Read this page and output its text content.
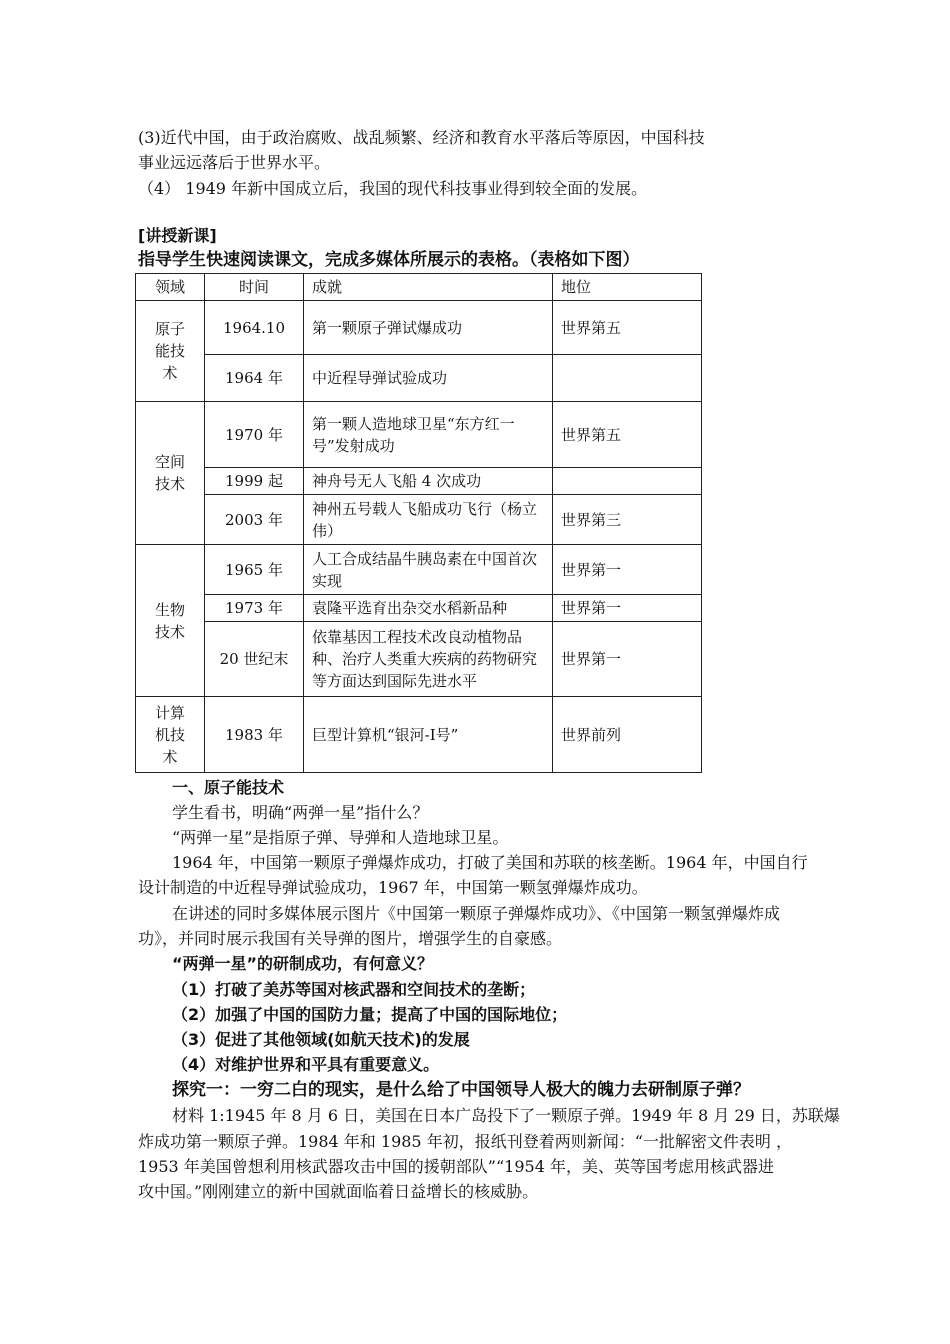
(3)近代中国，由于政治腐败、战乱频繁、经济和教育水平落后等原因，中国科技
事业远远落后于世界水平。
（4） 1949 年新中国成立后，我国的现代科技事业得到较全面的发展。
[讲授新课]
指导学生快速阅读课文，完成多媒体所展示的表格。（表格如下图）
领域	时间	成就	地位
原子
能技
术	1964.10	第一颗原子弹试爆成功	世界第五
	1964 年	中近程导弹试验成功	
空间
技术	1970 年	第一颗人造地球卫星“东方红一号”发射成功	世界第五
	1999 起	神舟号无人飞船 4 次成功	
	2003 年	神州五号载人飞船成功飞行（杨立伟）	世界第三
生物
技术	1965 年	人工合成结晶牛胰岛素在中国首次实现	世界第一
	1973 年	袁隆平选育出杂交水稻新品种	世界第一
	20 世纪末	依靠基因工程技术改良动植物品种、治疗人类重大疾病的药物研究等方面达到国际先进水平	世界第一
计算
机技
术	1983 年	巨型计算机“银河-Ⅰ号”	世界前列
一、原子能技术
学生看书，明确“两弹一星”指什么？
“两弹一星”是指原子弹、导弹和人造地球卫星。
1964 年，中国第一颗原子弹爆炸成功，打破了美国和苏联的核垄断。1964 年，中国自行
设计制造的中近程导弹试验成功，1967 年，中国第一颗氢弹爆炸成功。
在讲述的同时多媒体展示图片《中国第一颗原子弹爆炸成功》、《中国第一颗氢弹爆炸成
功》，并同时展示我国有关导弹的图片，增强学生的自豪感。
“两弹一星”的研制成功，有何意义？
（1）打破了美苏等国对核武器和空间技术的垄断；
（2）加强了中国的国防力量；提高了中国的国际地位；
（3）促进了其他领域(如航天技术)的发展
（4）对维护世界和平具有重要意义。
探究一：一穷二白的现实，是什么给了中国领导人极大的魄力去研制原子弹？
材料 1:1945 年 8 月 6 日，美国在日本广岛投下了一颗原子弹。1949 年 8 月 29 日，苏联爆
炸成功第一颗原子弹。1984 年和 1985 年初，报纸刊登着两则新闻：“一批解密文件表明 ，
1953 年美国曾想利用核武器攻击中国的援朝部队”“1954 年，美、英等国考虑用核武器进
攻中国。”刚刚建立的新中国就面临着日益增长的核威胁。
